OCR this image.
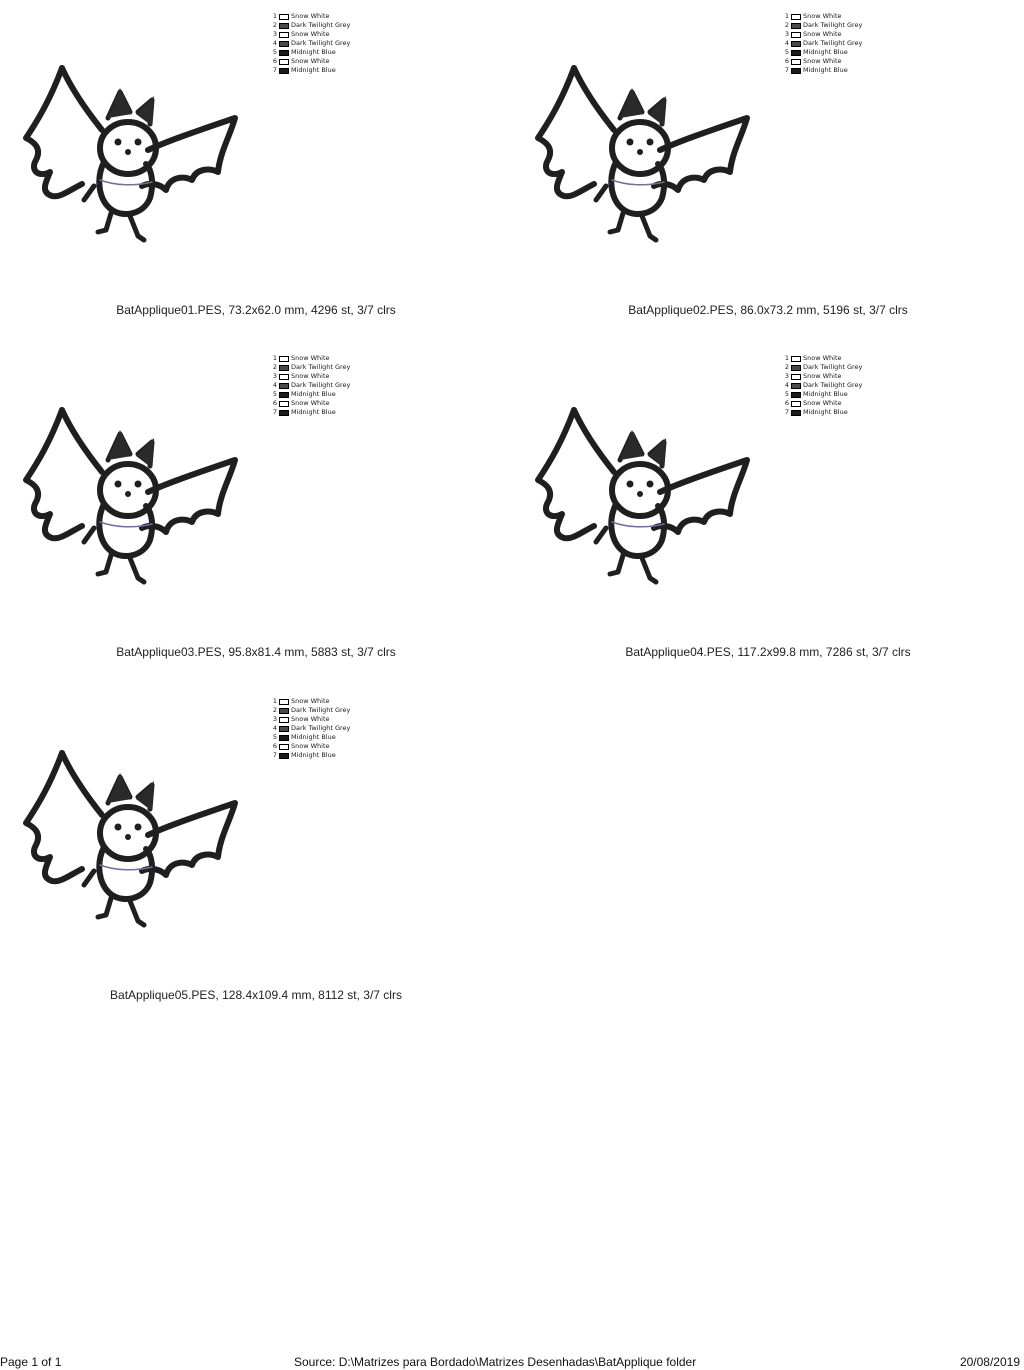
1 Snow White
2 Dark Twilight Grey
3 Snow White
4 Dark Twilight Grey
5 Midnight Blue
6 Snow White
7 Midnight Blue
BatApplique01.PES, 73.2x62.0 mm, 4296 st, 3/7 clrs
1 Snow White
2 Dark Twilight Grey
3 Snow White
4 Dark Twilight Grey
5 Midnight Blue
6 Snow White
7 Midnight Blue
BatApplique02.PES, 86.0x73.2 mm, 5196 st, 3/7 clrs
1 Snow White
2 Dark Twilight Grey
3 Snow White
4 Dark Twilight Grey
5 Midnight Blue
6 Snow White
7 Midnight Blue
BatApplique03.PES, 95.8x81.4 mm, 5883 st, 3/7 clrs
1 Snow White
2 Dark Twilight Grey
3 Snow White
4 Dark Twilight Grey
5 Midnight Blue
6 Snow White
7 Midnight Blue
BatApplique04.PES, 117.2x99.8 mm, 7286 st, 3/7 clrs
1 Snow White
2 Dark Twilight Grey
3 Snow White
4 Dark Twilight Grey
5 Midnight Blue
6 Snow White
7 Midnight Blue
BatApplique05.PES, 128.4x109.4 mm, 8112 st, 3/7 clrs
Page 1 of 1	Source: D:\Matrizes para Bordado\Matrizes Desenhadas\BatApplique folder	20/08/2019
